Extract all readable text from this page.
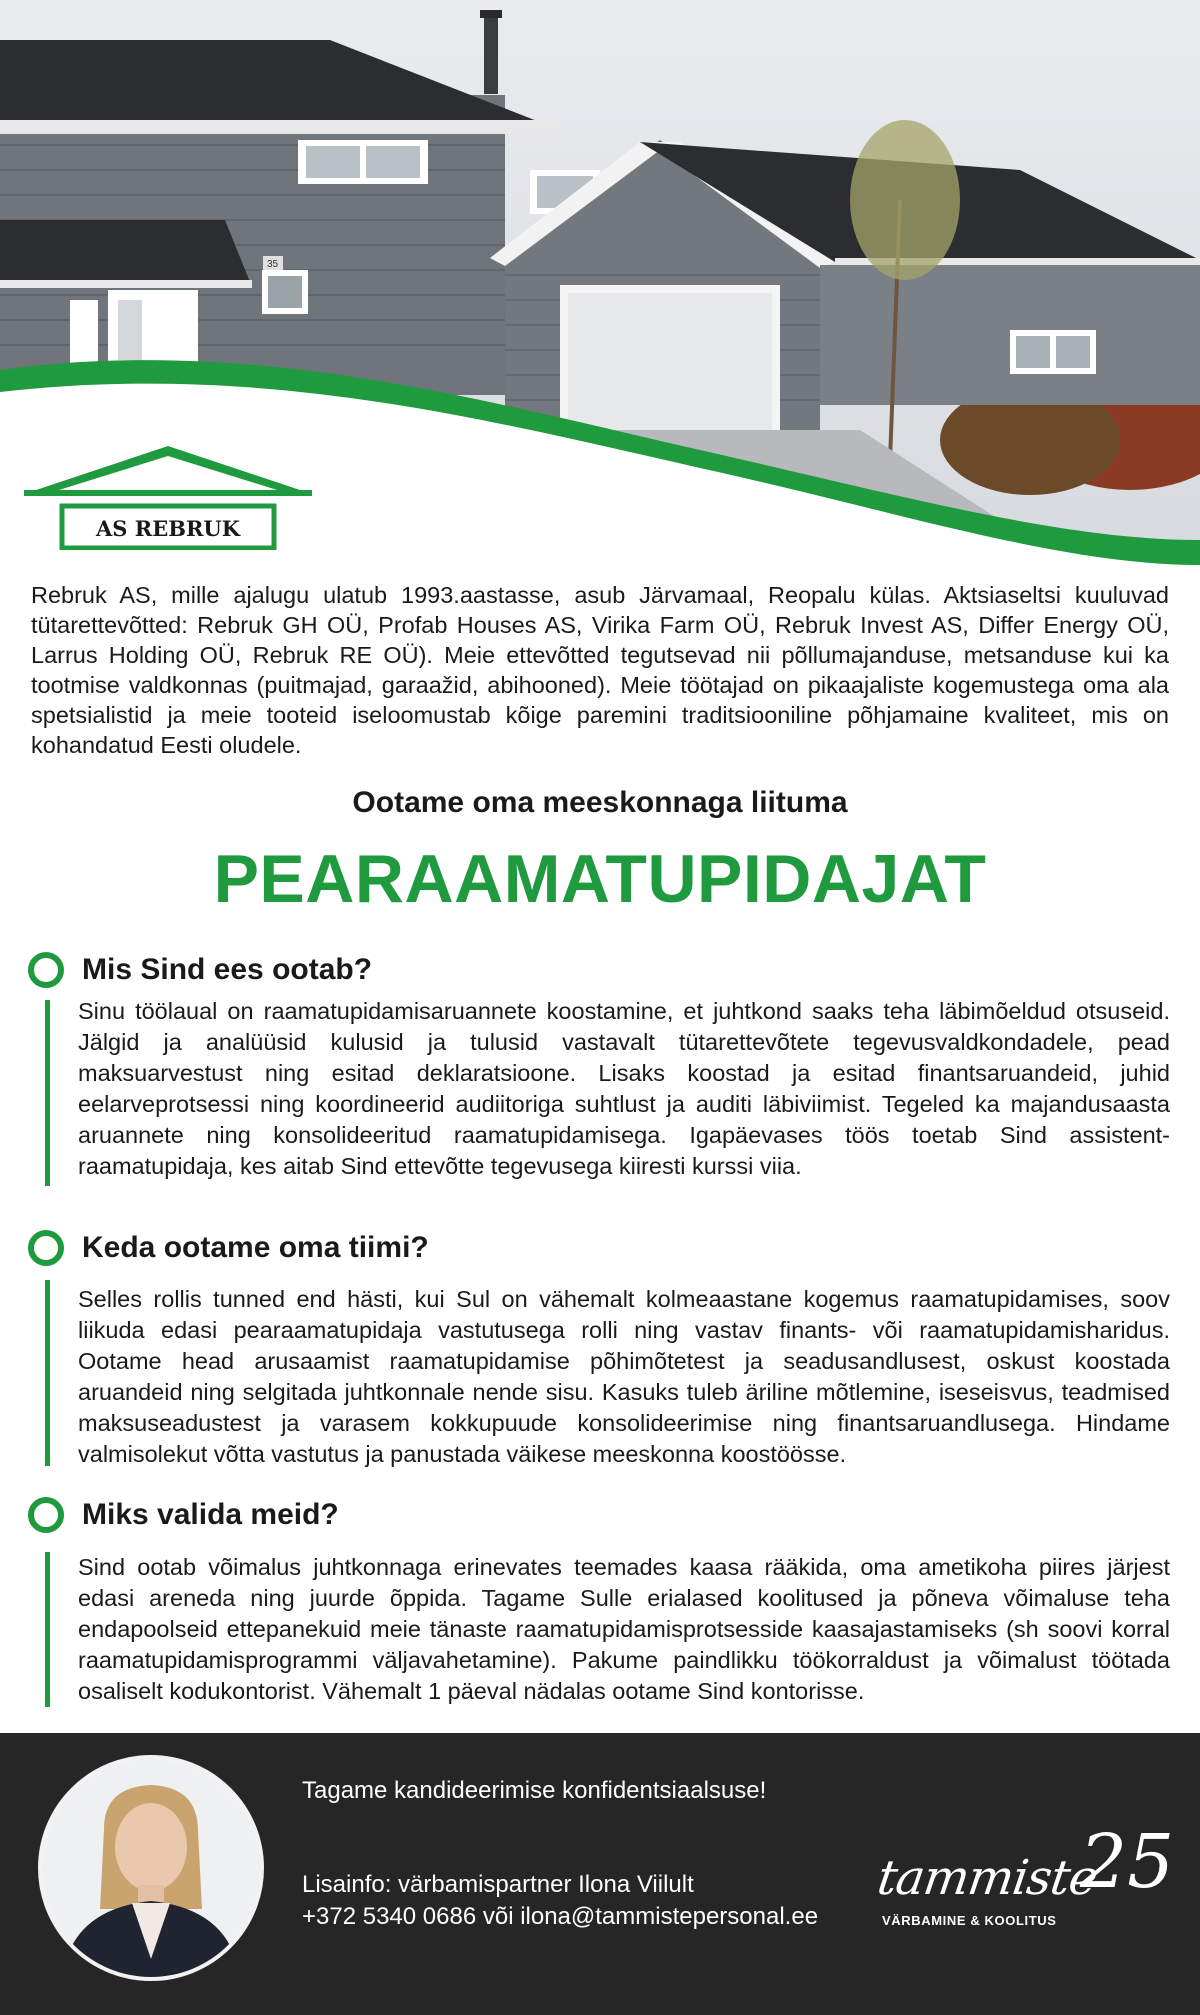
35
AS REBRUK

Rebruk AS, mille ajalugu ulatub 1993.aastasse, asub Järvamaal, Reopalu külas. Aktsiaseltsi kuuluvad tütarettevõtted: Rebruk GH OÜ, Profab Houses AS, Virika Farm OÜ, Rebruk Invest AS, Differ Energy OÜ, Larrus Holding OÜ, Rebruk RE OÜ). Meie ettevõtted tegutsevad nii põllumajanduse, metsanduse kui ka tootmise valdkonnas (puitmajad, garaažid, abihooned). Meie töötajad on pikaajaliste kogemustega oma ala spetsialistid ja meie tooteid iseloomustab kõige paremini traditsiooniline põhjamaine kvaliteet, mis on kohandatud Eesti oludele.

Ootame oma meeskonnaga liituma
PEARAAMATUPIDAJAT
Mis Sind ees ootab?

Sinu töölaual on raamatupidamisaruannete koostamine, et juhtkond saaks teha läbimõeldud otsuseid. Jälgid ja analüüsid kulusid ja tulusid vastavalt tütarettevõtete tegevusvaldkondadele, pead maksuarvestust ning esitad deklaratsioone. Lisaks koostad ja esitad finantsaruandeid, juhid eelarveprotsessi ning koordineerid audiitoriga suhtlust ja auditi läbiviimist. Tegeled ka majandusaasta aruannete ning konsolideeritud raamatupidamisega. Igapäevases töös toetab Sind assistent-raamatupidaja, kes aitab Sind ettevõtte tegevusega kiiresti kurssi viia.

Keda ootame oma tiimi?

Selles rollis tunned end hästi, kui Sul on vähemalt kolmeaastane kogemus raamatupidamises, soov liikuda edasi pearaamatupidaja vastutusega rolli ning vastav finants- või raamatupidamisharidus. Ootame head arusaamist raamatupidamise põhimõtetest ja seadusandlusest, oskust koostada aruandeid ning selgitada juhtkonnale nende sisu. Kasuks tuleb äriline mõtlemine, iseseisvus, teadmised maksuseadustest ja varasem kokkupuude konsolideerimise ning finantsaruandlusega. Hindame valmisolekut võtta vastutus ja panustada väikese meeskonna koostöösse.

Miks valida meid?

Sind ootab võimalus juhtkonnaga erinevates teemades kaasa rääkida, oma ametikoha piires järjest edasi areneda ning juurde õppida. Tagame Sulle erialased koolitused ja põneva võimaluse teha endapoolseid ettepanekuid meie tänaste raamatupidamisprotsesside kaasajastamiseks (sh soovi korral raamatupidamisprogrammi väljavahetamine). Pakume paindlikku töökorraldust ja võimalust töötada osaliselt kodukontorist. Vähemalt 1 päeval nädalas ootame Sind kontorisse.

Tagame kandideerimise konfidentsiaalsuse!
Lisainfo: värbamispartner Ilona Viilult
+372 5340 0686 või ilona@tammistepersonal.ee
tammiste
25
VÄRBAMINE & KOOLITUS
